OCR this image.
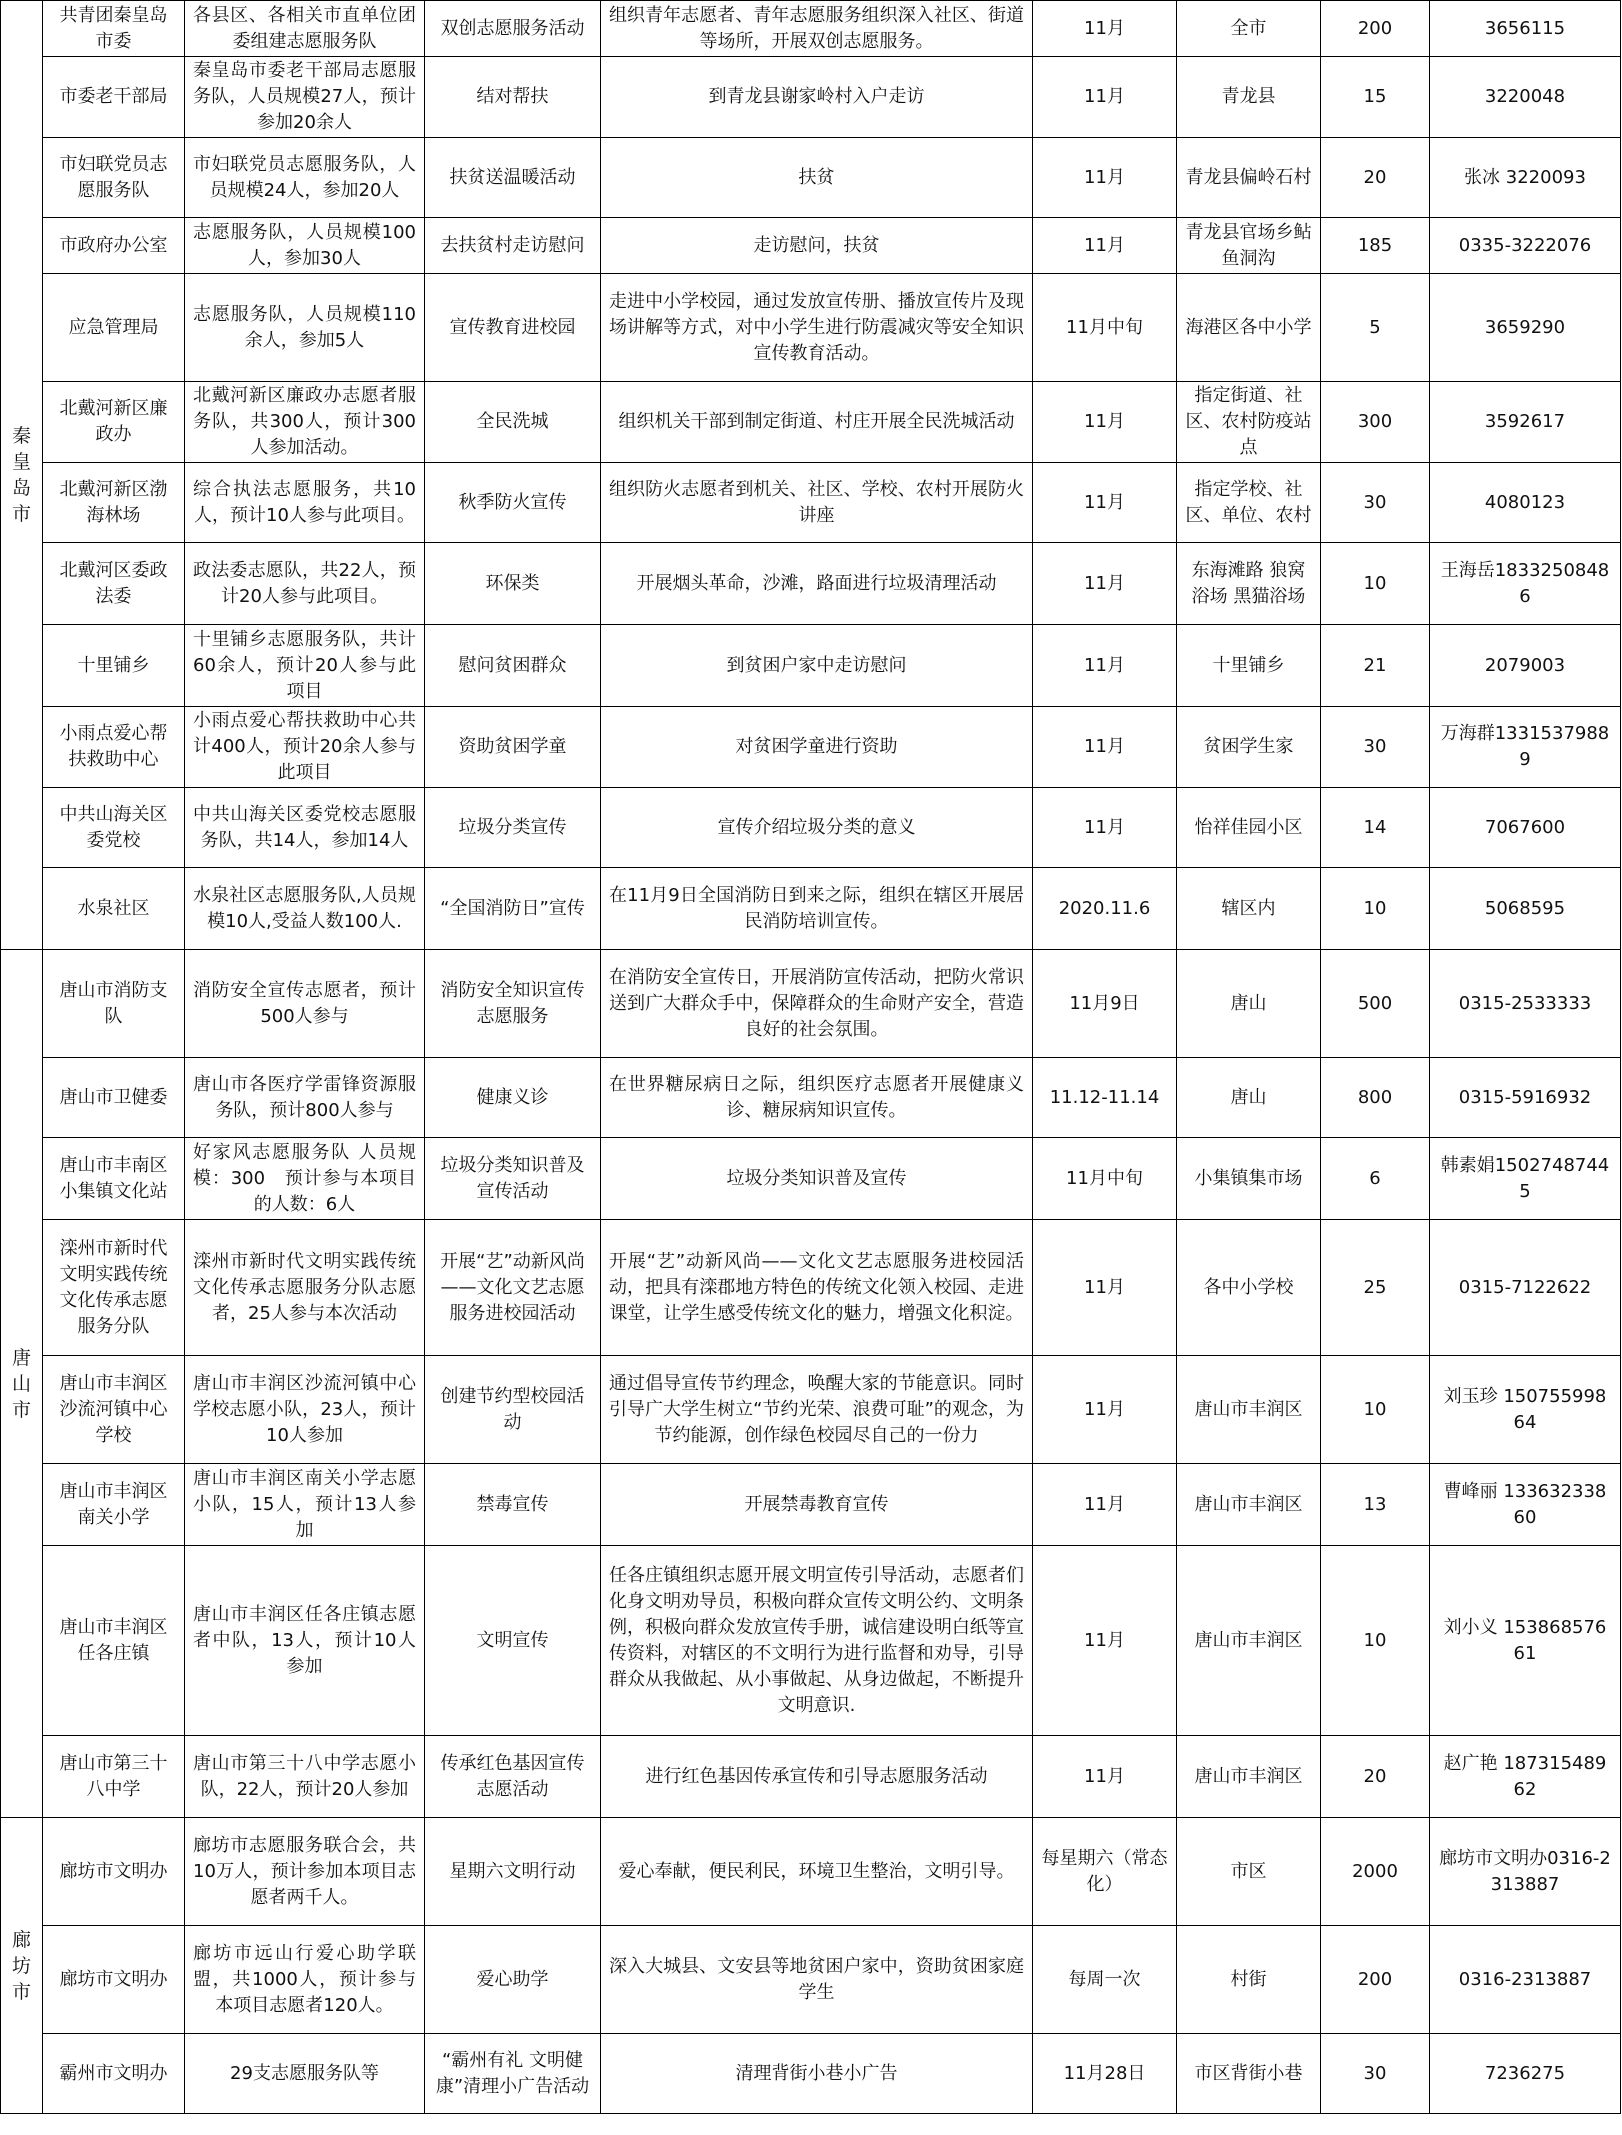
秦皇岛市	共青团秦皇岛市委	各县区、各相关市直单位团委组建志愿服务队	双创志愿服务活动	组织青年志愿者、青年志愿服务组织深入社区、街道等场所，开展双创志愿服务。	11月	全市	200	3656115
	市委老干部局	秦皇岛市委老干部局志愿服务队，人员规模27人，预计参加20余人	结对帮扶	到青龙县谢家岭村入户走访	11月	青龙县	15	3220048
	市妇联党员志愿服务队	市妇联党员志愿服务队，人员规模24人，参加20人	扶贫送温暖活动	扶贫	11月	青龙县偏岭石村	20	张冰 3220093
	市政府办公室	志愿服务队，人员规模100人，参加30人	去扶贫村走访慰问	走访慰问，扶贫	11月	青龙县官场乡鲇鱼洞沟	185	0335-3222076
	应急管理局	志愿服务队，人员规模110余人，参加5人	宣传教育进校园	走进中小学校园，通过发放宣传册、播放宣传片及现场讲解等方式，对中小学生进行防震减灾等安全知识宣传教育活动。	11月中旬	海港区各中小学	5	3659290
	北戴河新区廉政办	北戴河新区廉政办志愿者服务队，共300人，预计300人参加活动。	全民洗城	组织机关干部到制定街道、村庄开展全民洗城活动	11月	指定街道、社区、农村防疫站点	300	3592617
	北戴河新区渤海林场	综合执法志愿服务，共10人，预计10人参与此项目。	秋季防火宣传	组织防火志愿者到机关、社区、学校、农村开展防火讲座	11月	指定学校、社区、单位、农村	30	4080123
	北戴河区委政法委	政法委志愿队，共22人，预计20人参与此项目。	环保类	开展烟头革命，沙滩，路面进行垃圾清理活动	11月	东海滩路 狼窝浴场 黑猫浴场	10	王海岳18332508486
	十里铺乡	十里铺乡志愿服务队，共计60余人，预计20人参与此项目	慰问贫困群众	到贫困户家中走访慰问	11月	十里铺乡	21	2079003
	小雨点爱心帮扶救助中心	小雨点爱心帮扶救助中心共计400人，预计20余人参与此项目	资助贫困学童	对贫困学童进行资助	11月	贫困学生家	30	万海群13315379889
	中共山海关区委党校	中共山海关区委党校志愿服务队，共14人，参加14人	垃圾分类宣传	宣传介绍垃圾分类的意义	11月	怡祥佳园小区	14	7067600
	水泉社区	水泉社区志愿服务队,人员规模10人,受益人数100人.	“全国消防日”宣传	在11月9日全国消防日到来之际，组织在辖区开展居民消防培训宣传。	2020.11.6	辖区内	10	5068595
唐山市	唐山市消防支队	消防安全宣传志愿者，预计500人参与	消防安全知识宣传志愿服务	在消防安全宣传日，开展消防宣传活动，把防火常识送到广大群众手中，保障群众的生命财产安全，营造良好的社会氛围。	11月9日	唐山	500	0315-2533333
	唐山市卫健委	唐山市各医疗学雷锋资源服务队，预计800人参与	健康义诊	在世界糖尿病日之际，组织医疗志愿者开展健康义诊、糖尿病知识宣传。	11.12-11.14	唐山	800	0315-5916932
	唐山市丰南区小集镇文化站	好家风志愿服务队 人员规模：300　预计参与本项目的人数：6人	垃圾分类知识普及宣传活动	垃圾分类知识普及宣传	11月中旬	小集镇集市场	6	韩素娟15027487445
	滦州市新时代文明实践传统文化传承志愿服务分队	滦州市新时代文明实践传统文化传承志愿服务分队志愿者，25人参与本次活动	开展“艺”动新风尚——文化文艺志愿服务进校园活动	开展“艺”动新风尚——文化文艺志愿服务进校园活动，把具有滦郡地方特色的传统文化领入校园、走进课堂，让学生感受传统文化的魅力，增强文化积淀。	11月	各中小学校	25	0315-7122622
	唐山市丰润区沙流河镇中心学校	唐山市丰润区沙流河镇中心学校志愿小队，23人，预计10人参加	创建节约型校园活动	通过倡导宣传节约理念，唤醒大家的节能意识。同时引导广大学生树立“节约光荣、浪费可耻”的观念，为节约能源，创作绿色校园尽自己的一份力	11月	唐山市丰润区	10	刘玉珍 15075599864
	唐山市丰润区南关小学	唐山市丰润区南关小学志愿小队，15人，预计13人参加	禁毒宣传	开展禁毒教育宣传	11月	唐山市丰润区	13	曹峰丽 13363233860
	唐山市丰润区任各庄镇	唐山市丰润区任各庄镇志愿者中队，13人，预计10人参加	文明宣传	任各庄镇组织志愿开展文明宣传引导活动，志愿者们化身文明劝导员，积极向群众宣传文明公约、文明条例，积极向群众发放宣传手册，诚信建设明白纸等宣传资料，对辖区的不文明行为进行监督和劝导，引导群众从我做起、从小事做起、从身边做起，不断提升文明意识.	11月	唐山市丰润区	10	刘小义 15386857661
	唐山市第三十八中学	唐山市第三十八中学志愿小队，22人，预计20人参加	传承红色基因宣传志愿活动	进行红色基因传承宣传和引导志愿服务活动	11月	唐山市丰润区	20	赵广艳 18731548962
廊坊市	廊坊市文明办	廊坊市志愿服务联合会，共10万人，预计参加本项目志愿者两千人。	星期六文明行动	爱心奉献，便民利民，环境卫生整治，文明引导。	每星期六（常态化）	市区	2000	廊坊市文明办0316-2313887
	廊坊市文明办	廊坊市远山行爱心助学联盟，共1000人，预计参与本项目志愿者120人。	爱心助学	深入大城县、文安县等地贫困户家中，资助贫困家庭学生	每周一次	村街	200	0316-2313887
	霸州市文明办	29支志愿服务队等	“霸州有礼 文明健康”清理小广告活动	清理背街小巷小广告	11月28日	市区背街小巷	30	7236275
